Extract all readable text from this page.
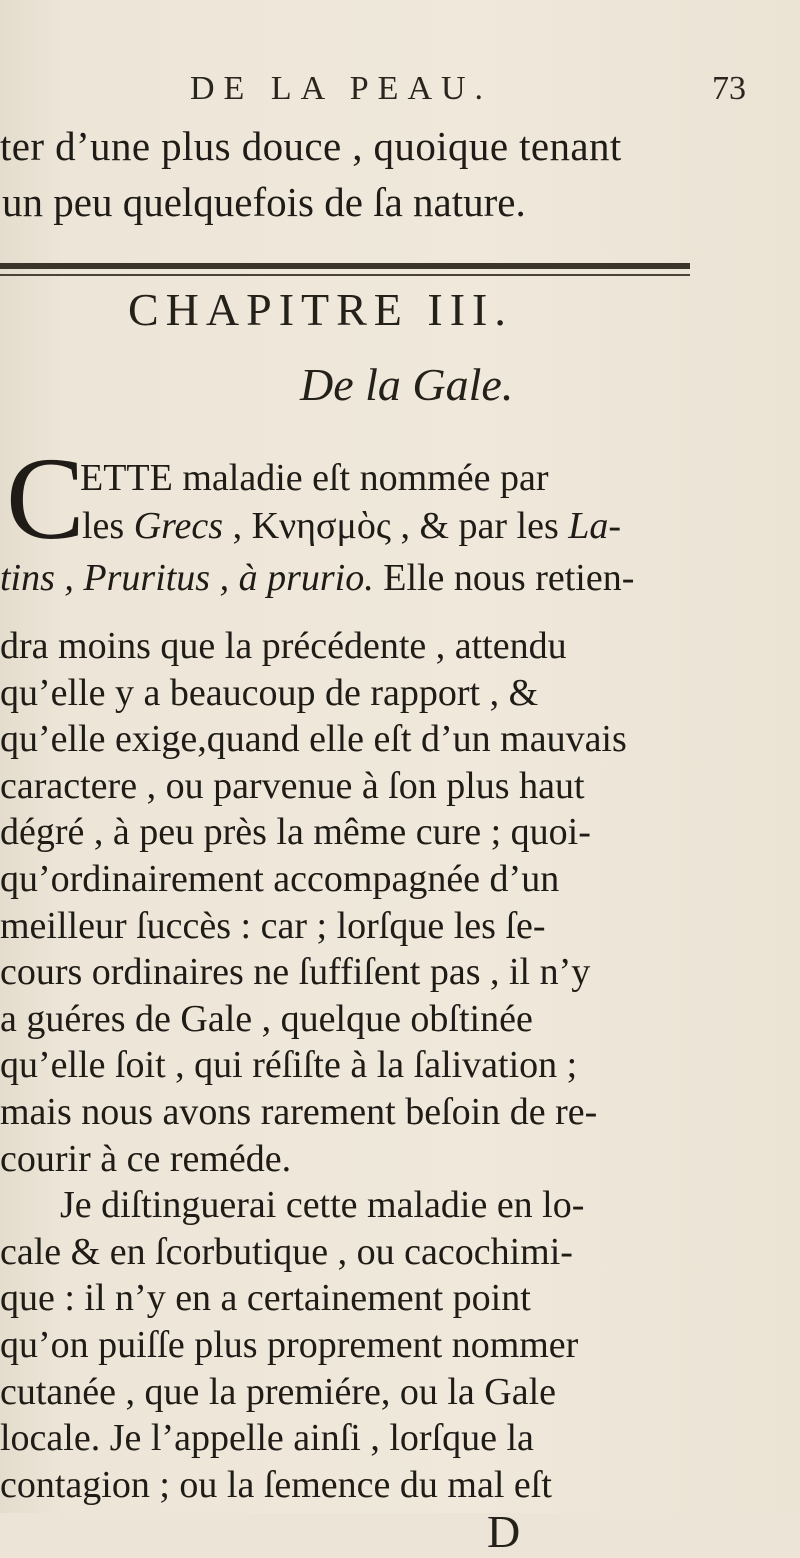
DE LA PEAU.	73
ter d’une plus douce , quoique tenant
un peu quelquefois de ſa nature.
CHAPITRE III.
De la Gale.
C
ETTE maladie eſt nommée par
les Grecs , Κνησμὸς , & par les La-
tins , Pruritus , à prurio. Elle nous retien-
dra moins que la précédente , attendu
qu’elle y a beaucoup de rapport , &
qu’elle exige,quand elle eſt d’un mauvais
caractere , ou parvenue à ſon plus haut
dégré , à peu près la même cure ; quoi-
qu’ordinairement accompagnée d’un
meilleur ſuccès : car ; lorſque les ſe-
cours ordinaires ne ſuffiſent pas , il n’y
a guéres de Gale , quelque obſtinée
qu’elle ſoit , qui réſiſte à la ſalivation ;
mais nous avons rarement beſoin de re-
courir à ce reméde.
Je diſtinguerai cette maladie en lo-
cale & en ſcorbutique , ou cacochimi-
que : il n’y en a certainement point
qu’on puiſſe plus proprement nommer
cutanée , que la premiére, ou la Gale
locale. Je l’appelle ainſi , lorſque la
contagion ; ou la ſemence du mal eſt
D
